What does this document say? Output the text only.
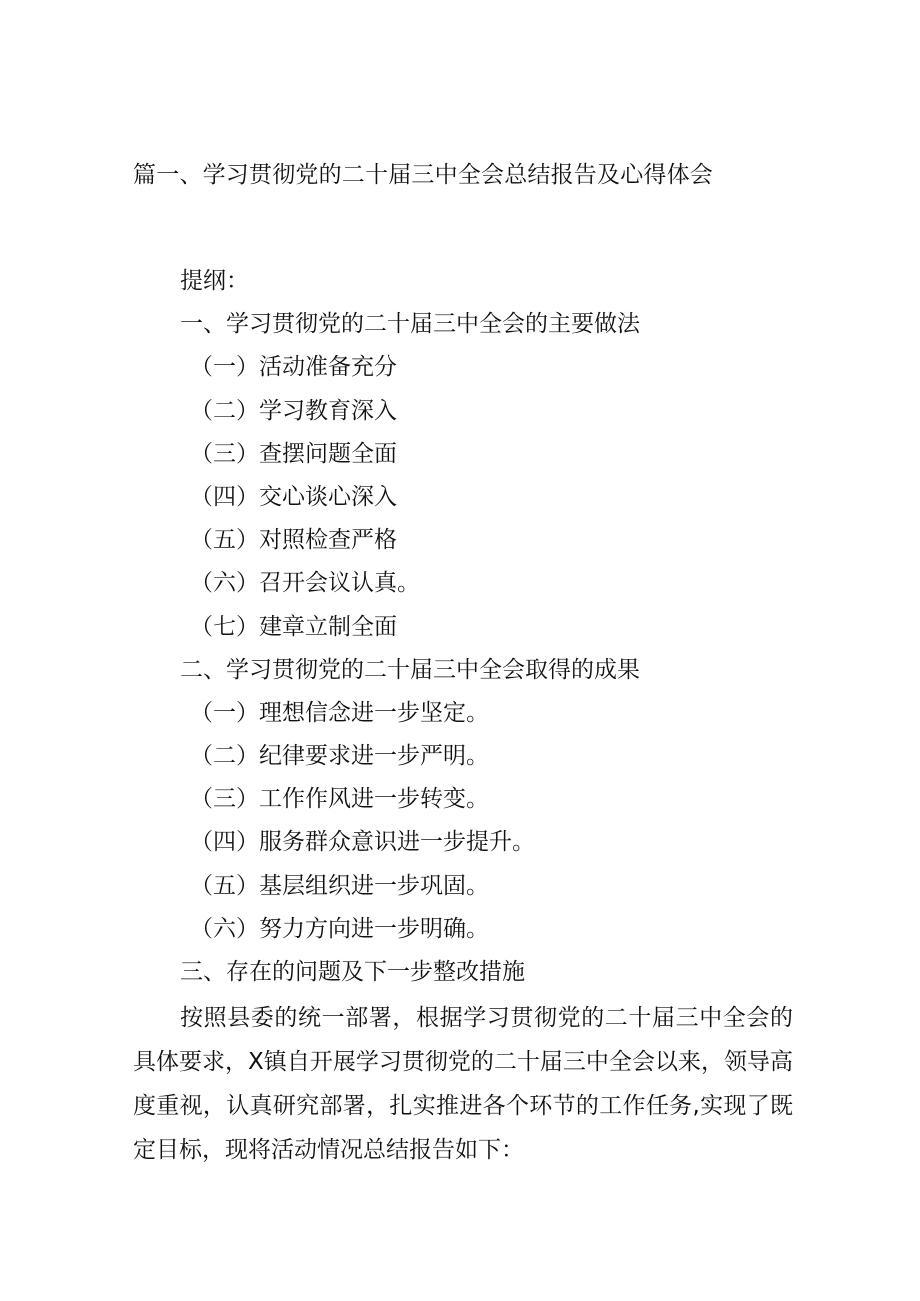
篇一、学习贯彻党的二十届三中全会总结报告及心得体会
提纲：
一、学习贯彻党的二十届三中全会的主要做法
（一）活动准备充分
（二）学习教育深入
（三）查摆问题全面
（四）交心谈心深入
（五）对照检查严格
（六）召开会议认真。
（七）建章立制全面
二、学习贯彻党的二十届三中全会取得的成果
（一）理想信念进一步坚定。
（二）纪律要求进一步严明。
（三）工作作风进一步转变。
（四）服务群众意识进一步提升。
（五）基层组织进一步巩固。
（六）努力方向进一步明确。
三、存在的问题及下一步整改措施

按照县委的统一部署，根据学习贯彻党的二十届三中全会的具体要求，X镇自开展学习贯彻党的二十届三中全会以来，领导高度重视，认真研究部署，扎实推进各个环节的工作任务,实现了既定目标，现将活动情况总结报告如下：
